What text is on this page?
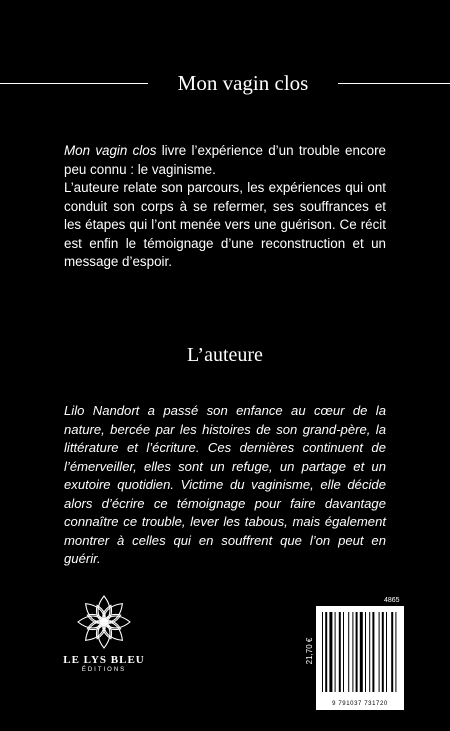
Mon vagin clos

Mon vagin clos livre l’expérience d’un trouble encore peu connu : le vaginisme.

L’auteure relate son parcours, les expériences qui ont conduit son corps à se refermer, ses souffrances et les étapes qui l’ont menée vers une guérison. Ce récit est enfin le témoignage d’une reconstruction et un message d’espoir.

L’auteure

Lilo Nandort a passé son enfance au cœur de la nature, bercée par les histoires de son grand-père, la littérature et l’écriture. Ces dernières continuent de l’émerveiller, elles sont un refuge, un partage et un exutoire quotidien. Victime du vaginisme, elle décide alors d’écrire ce témoignage pour faire davantage connaître ce trouble, lever les tabous, mais également montrer à celles qui en souffrent que l’on peut en guérir.

LE LYS BLEU
ÉDITIONS
4865
21,70 €
9 791037 731720
